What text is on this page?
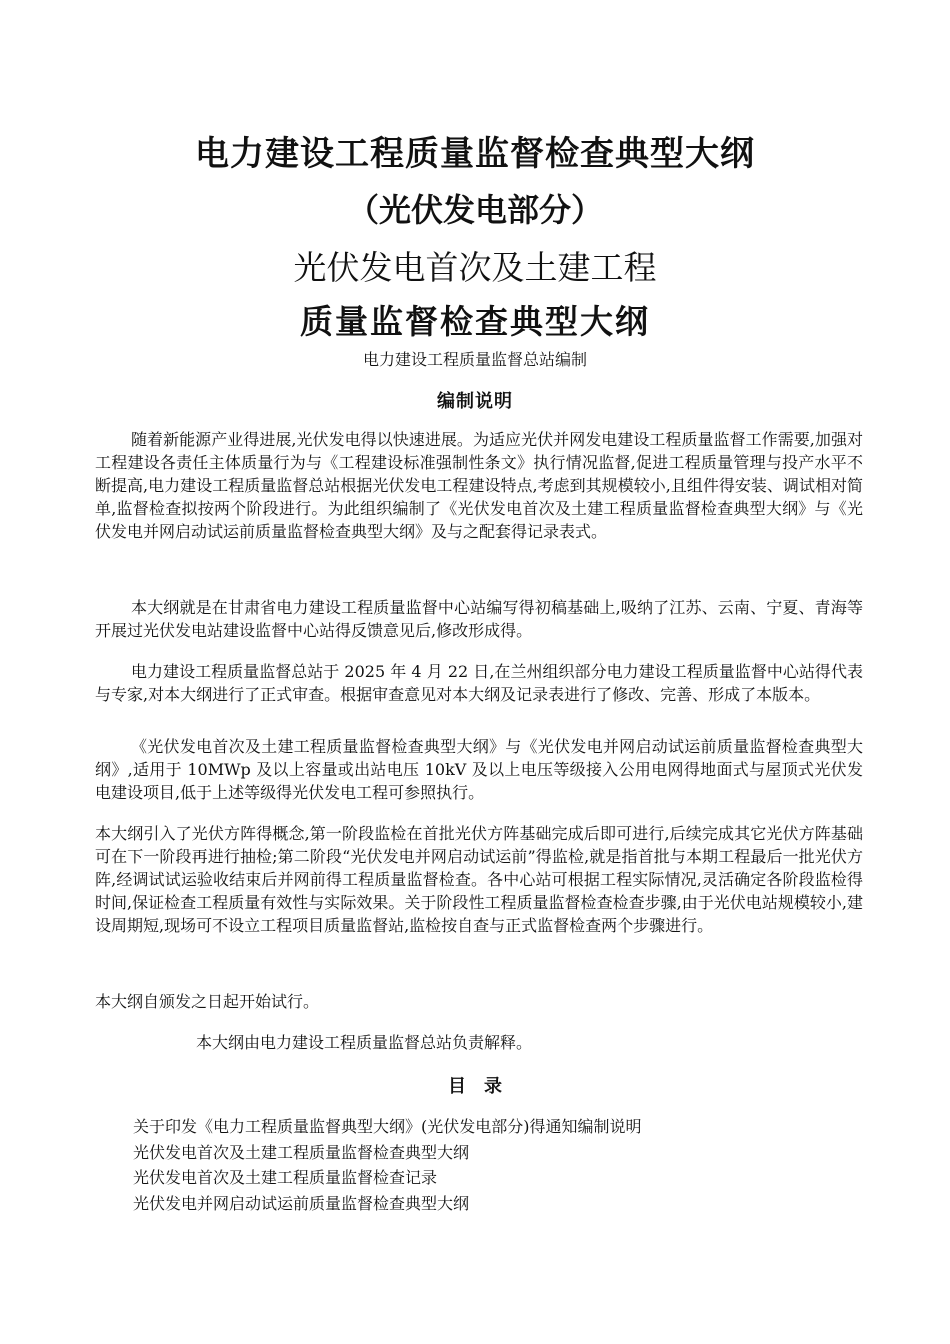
电力建设工程质量监督检查典型大纲
（光伏发电部分）
光伏发电首次及土建工程
质量监督检查典型大纲
电力建设工程质量监督总站编制
编制说明

随着新能源产业得进展,光伏发电得以快速进展。为适应光伏并网发电建设工程质量监督工作需要,加强对工程建设各责任主体质量行为与《工程建设标准强制性条文》执行情况监督,促进工程质量管理与投产水平不断提高,电力建设工程质量监督总站根据光伏发电工程建设特点,考虑到其规模较小,且组件得安装、调试相对简单,监督检查拟按两个阶段进行。为此组织编制了《光伏发电首次及土建工程质量监督检查典型大纲》与《光伏发电并网启动试运前质量监督检查典型大纲》及与之配套得记录表式。

本大纲就是在甘肃省电力建设工程质量监督中心站编写得初稿基础上,吸纳了江苏、云南、宁夏、青海等开展过光伏发电站建设监督中心站得反馈意见后,修改形成得。

电力建设工程质量监督总站于 2025 年 4 月 22 日,在兰州组织部分电力建设工程质量监督中心站得代表与专家,对本大纲进行了正式审查。根据审查意见对本大纲及记录表进行了修改、完善、形成了本版本。

《光伏发电首次及土建工程质量监督检查典型大纲》与《光伏发电并网启动试运前质量监督检查典型大纲》,适用于 10MWp 及以上容量或出站电压 10kV 及以上电压等级接入公用电网得地面式与屋顶式光伏发电建设项目,低于上述等级得光伏发电工程可参照执行。

本大纲引入了光伏方阵得概念,第一阶段监检在首批光伏方阵基础完成后即可进行,后续完成其它光伏方阵基础可在下一阶段再进行抽检;第二阶段“光伏发电并网启动试运前”得监检,就是指首批与本期工程最后一批光伏方阵,经调试试运验收结束后并网前得工程质量监督检查。各中心站可根据工程实际情况,灵活确定各阶段监检得时间,保证检查工程质量有效性与实际效果。关于阶段性工程质量监督检查检查步骤,由于光伏电站规模较小,建设周期短,现场可不设立工程项目质量监督站,监检按自查与正式监督检查两个步骤进行。

本大纲自颁发之日起开始试行。

本大纲由电力建设工程质量监督总站负责解释。

目　录
关于印发《电力工程质量监督典型大纲》(光伏发电部分)得通知编制说明
光伏发电首次及土建工程质量监督检查典型大纲
光伏发电首次及土建工程质量监督检查记录
光伏发电并网启动试运前质量监督检查典型大纲
